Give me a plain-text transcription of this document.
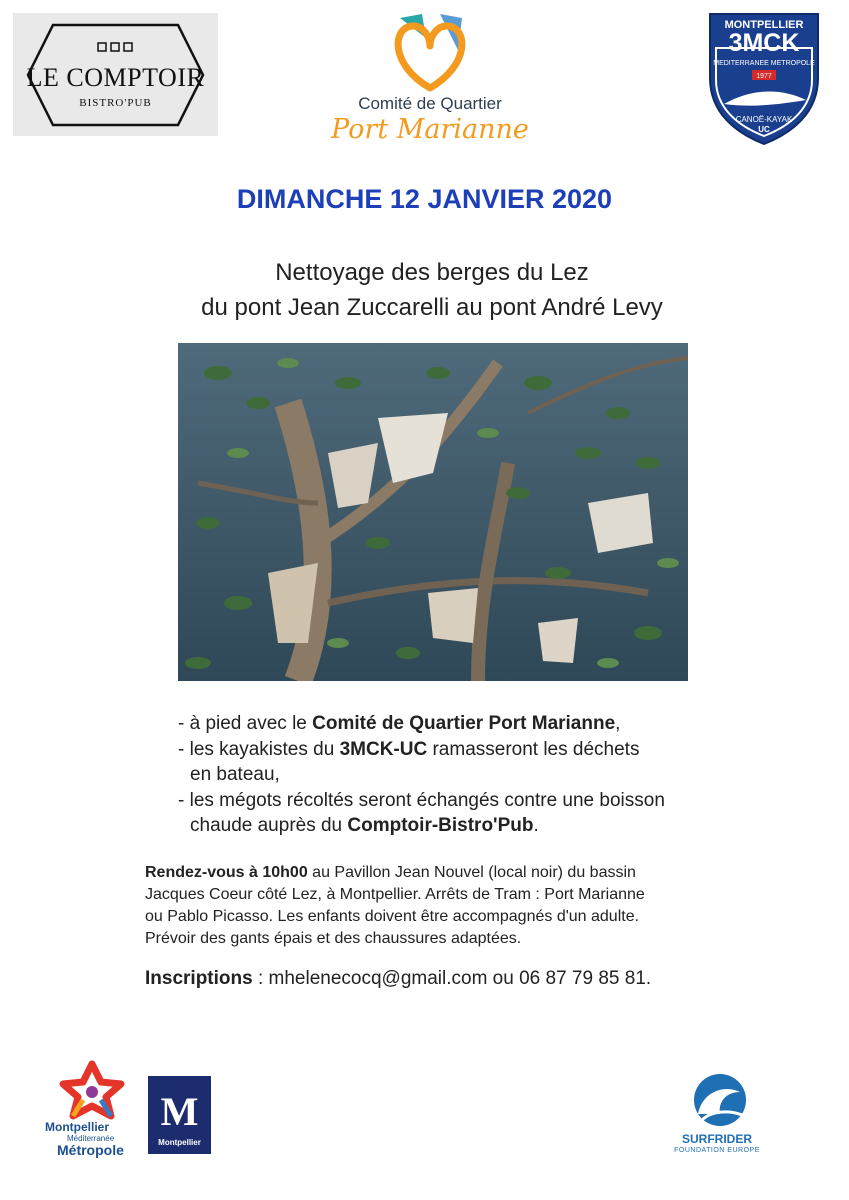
LE COMPTOIR
BISTRO'PUB	Comité de Quartier
Port Marianne
MONTPELLIER
3MCK
MEDITERRANEE METROPOLE
1977
CANOË-KAYAK
UC
DIMANCHE 12 JANVIER 2020
Nettoyage des berges du Lez
du pont Jean Zuccarelli au pont André Levy
- à pied avec le Comité de Quartier Port Marianne,
- les kayakistes du 3MCK-UC ramasseront les déchets
en bateau,
- les mégots récoltés seront échangés contre une boisson
chaude auprès du Comptoir-Bistro'Pub.
Rendez-vous à 10h00 au Pavillon Jean Nouvel (local noir) du bassin
Jacques Coeur côté Lez, à Montpellier. Arrêts de Tram : Port Marianne
ou Pablo Picasso. Les enfants doivent être accompagnés d'un adulte.
Prévoir des gants épais et des chaussures adaptées.
Inscriptions : mhelenecocq@gmail.com ou 06 87 79 85 81.
Montpellier
Méditerranée
Métropole
M
Montpellier	SURFRIDER
FOUNDATION EUROPE
